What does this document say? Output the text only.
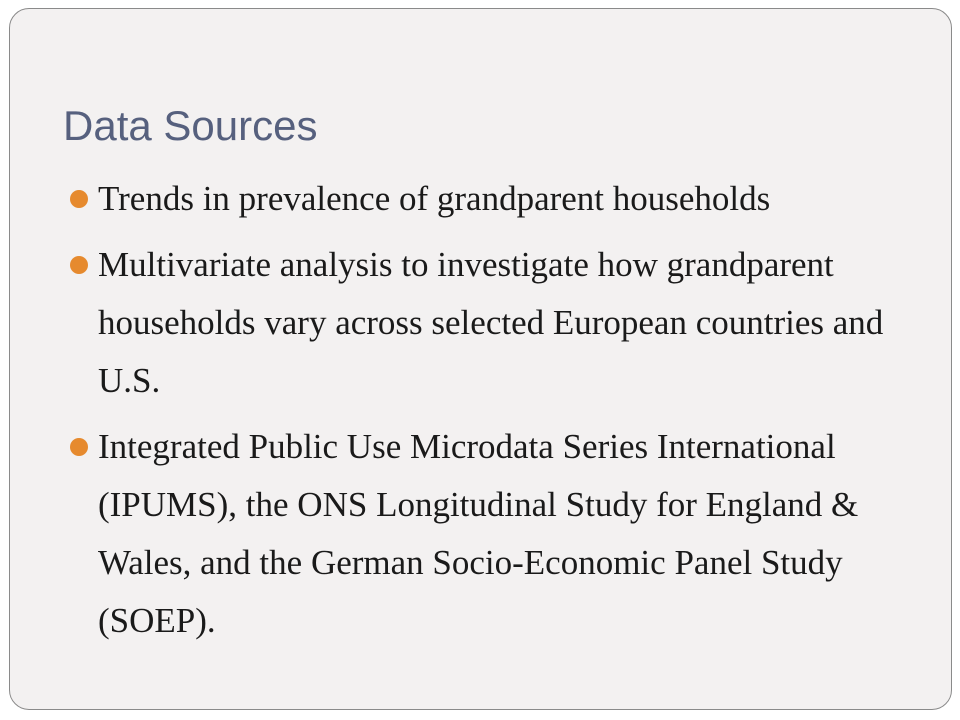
Data Sources
Trends in prevalence of grandparent households
Multivariate analysis to investigate how grandparent households vary across selected European countries and U.S.
Integrated Public Use Microdata Series International (IPUMS), the ONS Longitudinal Study for England & Wales, and the German Socio-Economic Panel Study (SOEP).
